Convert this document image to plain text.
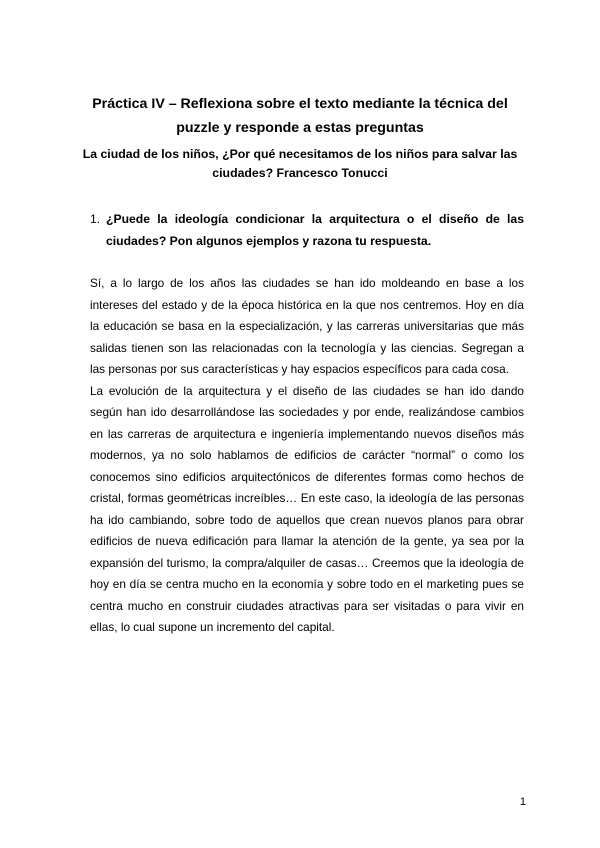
Práctica IV – Reflexiona sobre el texto mediante la técnica del puzzle y responde a estas preguntas
La ciudad de los niños, ¿Por qué necesitamos de los niños para salvar las ciudades? Francesco Tonucci
1. ¿Puede la ideología condicionar la arquitectura o el diseño de las ciudades? Pon algunos ejemplos y razona tu respuesta.

Sí, a lo largo de los años las ciudades se han ido moldeando en base a los intereses del estado y de la época histórica en la que nos centremos. Hoy en día la educación se basa en la especialización, y las carreras universitarias que más salidas tienen son las relacionadas con la tecnología y las ciencias. Segregan a las personas por sus características y hay espacios específicos para cada cosa.

La evolución de la arquitectura y el diseño de las ciudades se han ido dando según han ido desarrollándose las sociedades y por ende, realizándose cambios en las carreras de arquitectura e ingeniería implementando nuevos diseños más modernos, ya no solo hablamos de edificios de carácter “normal” o como los conocemos sino edificios arquitectónicos de diferentes formas como hechos de cristal, formas geométricas increíbles… En este caso, la ideología de las personas ha ido cambiando, sobre todo de aquellos que crean nuevos planos para obrar edificios de nueva edificación para llamar la atención de la gente, ya sea por la expansión del turismo, la compra/alquiler de casas… Creemos que la ideología de hoy en día se centra mucho en la economía y sobre todo en el marketing pues se centra mucho en construir ciudades atractivas para ser visitadas o para vivir en ellas, lo cual supone un incremento del capital.

1
